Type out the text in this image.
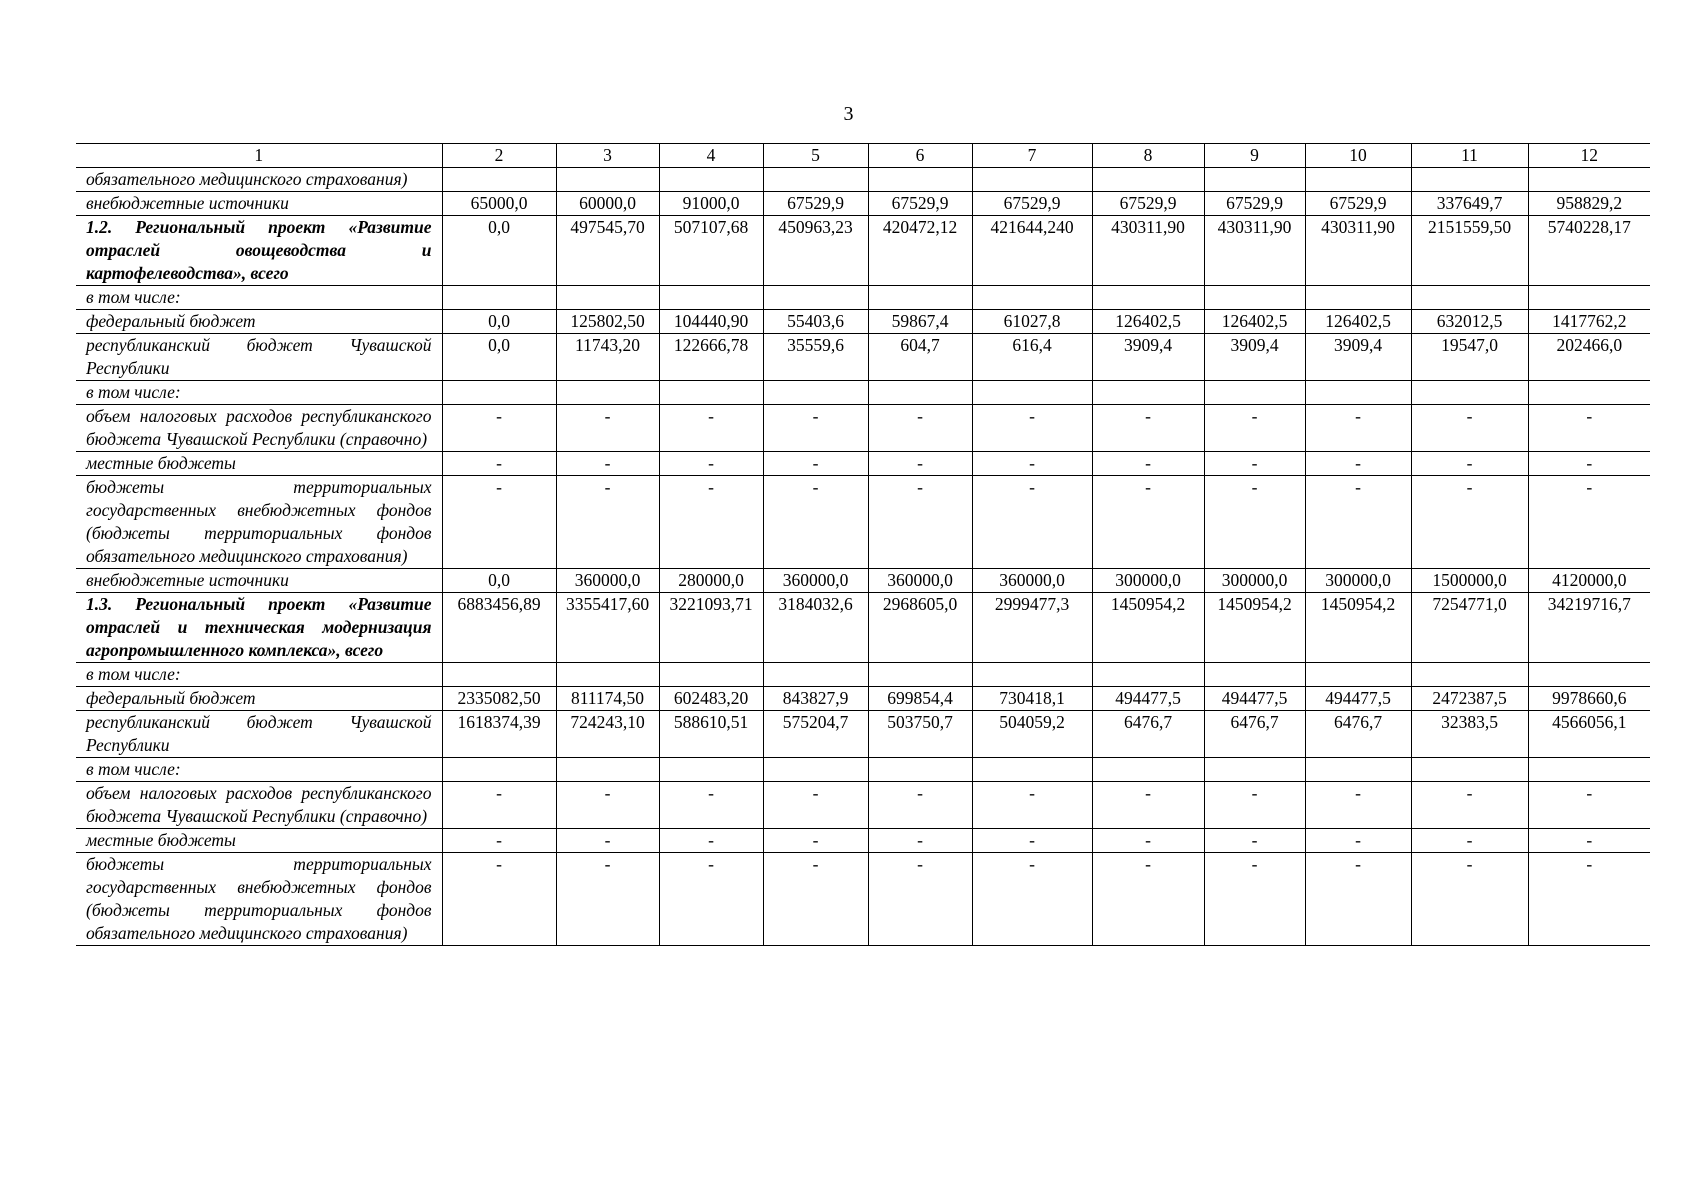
3
1	2	3	4	5	6	7	8	9	10	11	12
обязательного медицинского страхования)											
внебюджетные источники	65000,0	60000,0	91000,0	67529,9	67529,9	67529,9	67529,9	67529,9	67529,9	337649,7	958829,2
1.2. Региональный проект «Развитие отраслей овощеводства и картофелеводства», всего	0,0	497545,70	507107,68	450963,23	420472,12	421644,240	430311,90	430311,90	430311,90	2151559,50	5740228,17
в том числе:											
федеральный бюджет	0,0	125802,50	104440,90	55403,6	59867,4	61027,8	126402,5	126402,5	126402,5	632012,5	1417762,2
республиканский бюджет Чувашской Республики	0,0	11743,20	122666,78	35559,6	604,7	616,4	3909,4	3909,4	3909,4	19547,0	202466,0
в том числе:											
объем налоговых расходов республиканского бюджета Чувашской Республики (справочно)	-	-	-	-	-	-	-	-	-	-	-
местные бюджеты	-	-	-	-	-	-	-	-	-	-	-
бюджеты территориальных государственных внебюджетных фондов (бюджеты территориальных фондов обязательного медицинского страхования)	-	-	-	-	-	-	-	-	-	-	-
внебюджетные источники	0,0	360000,0	280000,0	360000,0	360000,0	360000,0	300000,0	300000,0	300000,0	1500000,0	4120000,0
1.3. Региональный проект «Развитие отраслей и техническая модернизация агропромышленного комплекса», всего	6883456,89	3355417,60	3221093,71	3184032,6	2968605,0	2999477,3	1450954,2	1450954,2	1450954,2	7254771,0	34219716,7
в том числе:											
федеральный бюджет	2335082,50	811174,50	602483,20	843827,9	699854,4	730418,1	494477,5	494477,5	494477,5	2472387,5	9978660,6
республиканский бюджет Чувашской Республики	1618374,39	724243,10	588610,51	575204,7	503750,7	504059,2	6476,7	6476,7	6476,7	32383,5	4566056,1
в том числе:											
объем налоговых расходов республиканского бюджета Чувашской Республики (справочно)	-	-	-	-	-	-	-	-	-	-	-
местные бюджеты	-	-	-	-	-	-	-	-	-	-	-
бюджеты территориальных государственных внебюджетных фондов (бюджеты территориальных фондов обязательного медицинского страхования)	-	-	-	-	-	-	-	-	-	-	-
